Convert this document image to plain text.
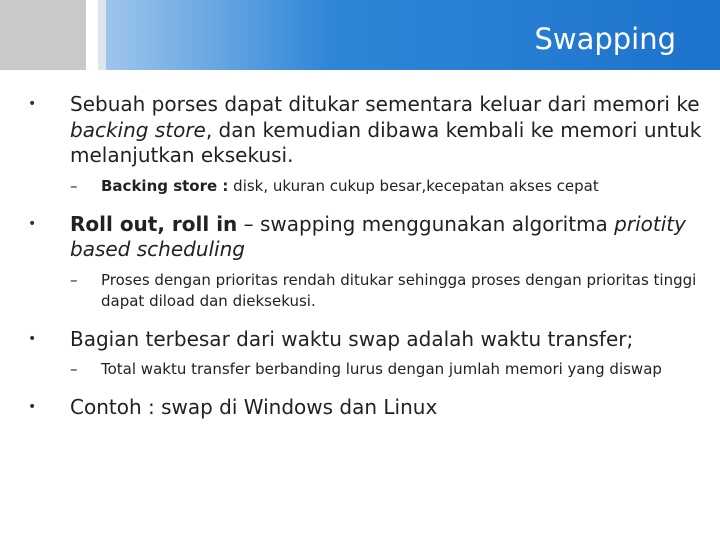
Swapping
•	Sebuah porses dapat ditukar sementara keluar dari memori ke backing store, dan kemudian dibawa kembali ke memori untuk melanjutkan eksekusi.
– Backing store : disk, ukuran cukup besar,kecepatan akses cepat
•	Roll out, roll in – swapping menggunakan algoritma priotity based scheduling
– Proses dengan prioritas rendah ditukar sehingga proses dengan prioritas tinggi dapat diload dan dieksekusi.
•	Bagian terbesar dari waktu swap adalah waktu transfer;
– Total waktu transfer berbanding lurus dengan jumlah memori yang diswap
•	Contoh : swap di Windows dan Linux
